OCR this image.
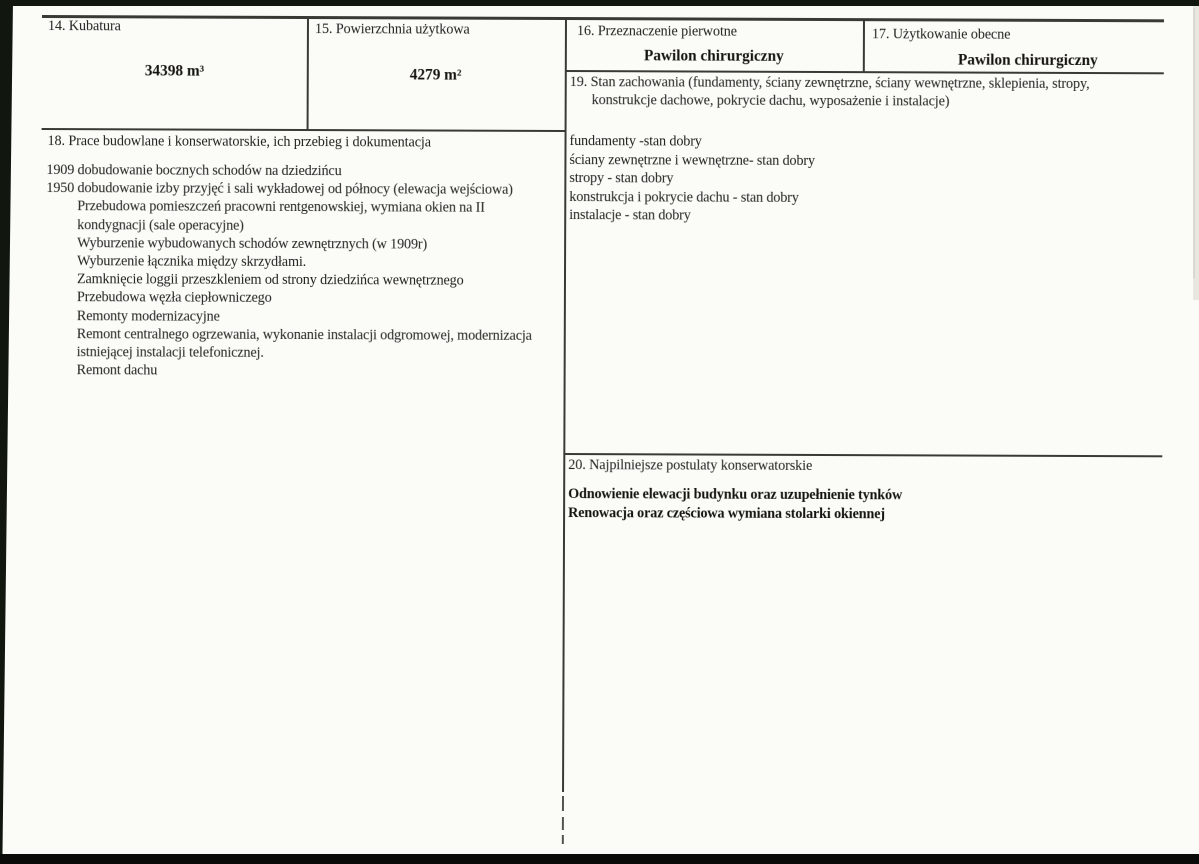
14. Kubatura
34398 m³
15. Powierzchnia użytkowa
4279 m²
16. Przeznaczenie pierwotne
Pawilon chirurgiczny
17. Użytkowanie obecne
Pawilon chirurgiczny
19. Stan zachowania (fundamenty, ściany zewnętrzne, ściany wewnętrzne, sklepienia, stropy,
konstrukcje dachowe, pokrycie dachu, wyposażenie i instalacje)
fundamenty -stan dobry
ściany zewnętrzne i wewnętrzne- stan dobry
stropy - stan dobry
konstrukcja i pokrycie dachu - stan dobry
instalacje - stan dobry
18. Prace budowlane i konserwatorskie, ich przebieg i dokumentacja
1909 dobudowanie bocznych schodów na dziedzińcu
1950 dobudowanie izby przyjęć i sali wykładowej od północy (elewacja wejściowa)
Przebudowa pomieszczeń pracowni rentgenowskiej, wymiana okien na II
kondygnacji (sale operacyjne)
Wyburzenie wybudowanych schodów zewnętrznych (w 1909r)
Wyburzenie łącznika między skrzydłami.
Zamknięcie loggii przeszkleniem od strony dziedzińca wewnętrznego
Przebudowa węzła ciepłowniczego
Remonty modernizacyjne
Remont centralnego ogrzewania, wykonanie instalacji odgromowej, modernizacja
istniejącej instalacji telefonicznej.
Remont dachu
20. Najpilniejsze postulaty konserwatorskie
Odnowienie elewacji budynku oraz uzupełnienie tynków
Renowacja oraz częściowa wymiana stolarki okiennej
